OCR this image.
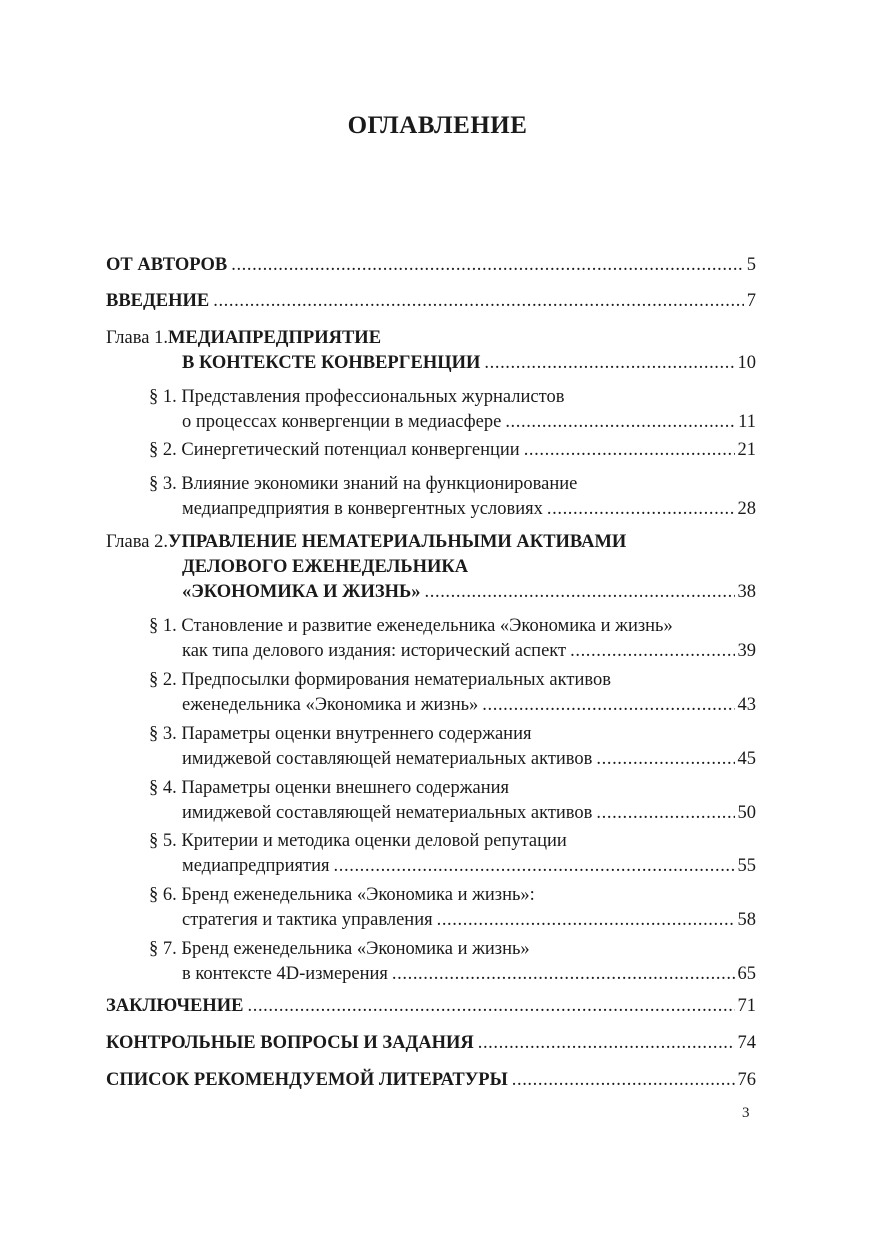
ОГЛАВЛЕНИЕ
ОТ АВТОРОВ .....	5
ВВЕДЕНИЕ .....	7
Глава 1. МЕДИАПРЕДПРИЯТИЕ
В КОНТЕКСТЕ КОНВЕРГЕНЦИИ .....	10
§ 1. Представления профессиональных журналистов
о процессах конвергенции в медиасфере .....	11
§ 2. Синергетический потенциал конвергенции .....	21
§ 3. Влияние экономики знаний на функционирование
медиапредприятия в конвергентных условиях .....	28
Глава 2. УПРАВЛЕНИЕ НЕМАТЕРИАЛЬНЫМИ АКТИВАМИ
ДЕЛОВОГО ЕЖЕНЕДЕЛЬНИКА
«ЭКОНОМИКА И ЖИЗНЬ» .....	38
§ 1. Становление и развитие еженедельника «Экономика и жизнь»
как типа делового издания: исторический аспект .....	39
§ 2. Предпосылки формирования нематериальных активов
еженедельника «Экономика и жизнь» .....	43
§ 3. Параметры оценки внутреннего содержания
имиджевой составляющей нематериальных активов .....	45
§ 4. Параметры оценки внешнего содержания
имиджевой составляющей нематериальных активов .....	50
§ 5. Критерии и методика оценки деловой репутации
медиапредприятия .....	55
§ 6. Бренд еженедельника «Экономика и жизнь»:
стратегия и тактика управления .....	58
§ 7. Бренд еженедельника «Экономика и жизнь»
в контексте 4D-измерения .....	65
ЗАКЛЮЧЕНИЕ .....	71
КОНТРОЛЬНЫЕ ВОПРОСЫ И ЗАДАНИЯ .....	74
СПИСОК РЕКОМЕНДУЕМОЙ ЛИТЕРАТУРЫ .....	76
3
